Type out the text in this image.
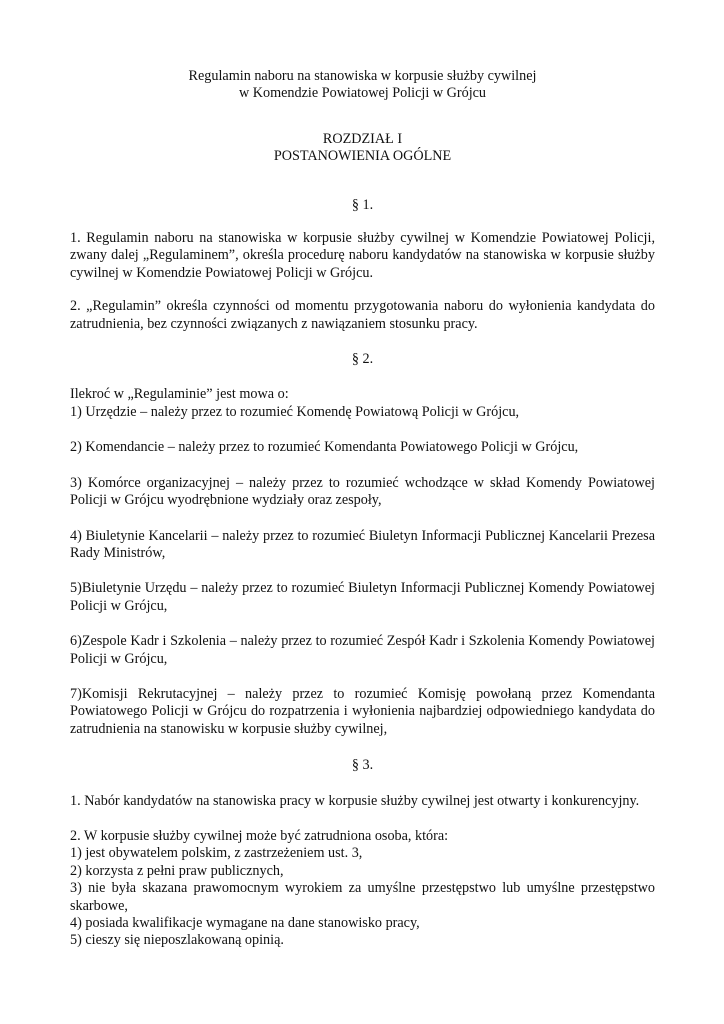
Regulamin naboru na stanowiska w korpusie służby cywilnej

w Komendzie Powiatowej Policji w Grójcu

ROZDZIAŁ I

POSTANOWIENIA OGÓLNE

§ 1.

1. Regulamin naboru na stanowiska w korpusie służby cywilnej w Komendzie Powiatowej Policji, zwany dalej „Regulaminem”, określa procedurę naboru kandydatów na stanowiska w korpusie służby cywilnej w Komendzie Powiatowej Policji w Grójcu.

2. „Regulamin” określa czynności od momentu przygotowania naboru do wyłonienia kandydata do zatrudnienia, bez czynności związanych z nawiązaniem stosunku pracy.

§ 2.

Ilekroć w „Regulaminie” jest mowa o:

1) Urzędzie – należy przez to rozumieć Komendę Powiatową Policji w Grójcu,

2) Komendancie – należy przez to rozumieć Komendanta Powiatowego Policji w Grójcu,

3) Komórce organizacyjnej – należy przez to rozumieć wchodzące w skład Komendy Powiatowej Policji w Grójcu wyodrębnione wydziały oraz zespoły,

4) Biuletynie Kancelarii – należy przez to rozumieć Biuletyn Informacji Publicznej Kancelarii Prezesa Rady Ministrów,

5)Biuletynie Urzędu – należy przez to rozumieć Biuletyn Informacji Publicznej Komendy Powiatowej Policji w Grójcu,

6)Zespole Kadr i Szkolenia – należy przez to rozumieć Zespół Kadr i Szkolenia Komendy Powiatowej Policji w Grójcu,

7)Komisji Rekrutacyjnej – należy przez to rozumieć Komisję powołaną przez Komendanta Powiatowego Policji w Grójcu do rozpatrzenia i wyłonienia najbardziej odpowiedniego kandydata do zatrudnienia na stanowisku w korpusie służby cywilnej,

§ 3.

1. Nabór kandydatów na stanowiska pracy w korpusie służby cywilnej jest otwarty i konkurencyjny.

2. W korpusie służby cywilnej może być zatrudniona osoba, która:

1) jest obywatelem polskim, z zastrzeżeniem ust. 3,

2) korzysta z pełni praw publicznych,

3) nie była skazana prawomocnym wyrokiem za umyślne przestępstwo lub umyślne przestępstwo skarbowe,

4) posiada kwalifikacje wymagane na dane stanowisko pracy,

5) cieszy się nieposzlakowaną opinią.
